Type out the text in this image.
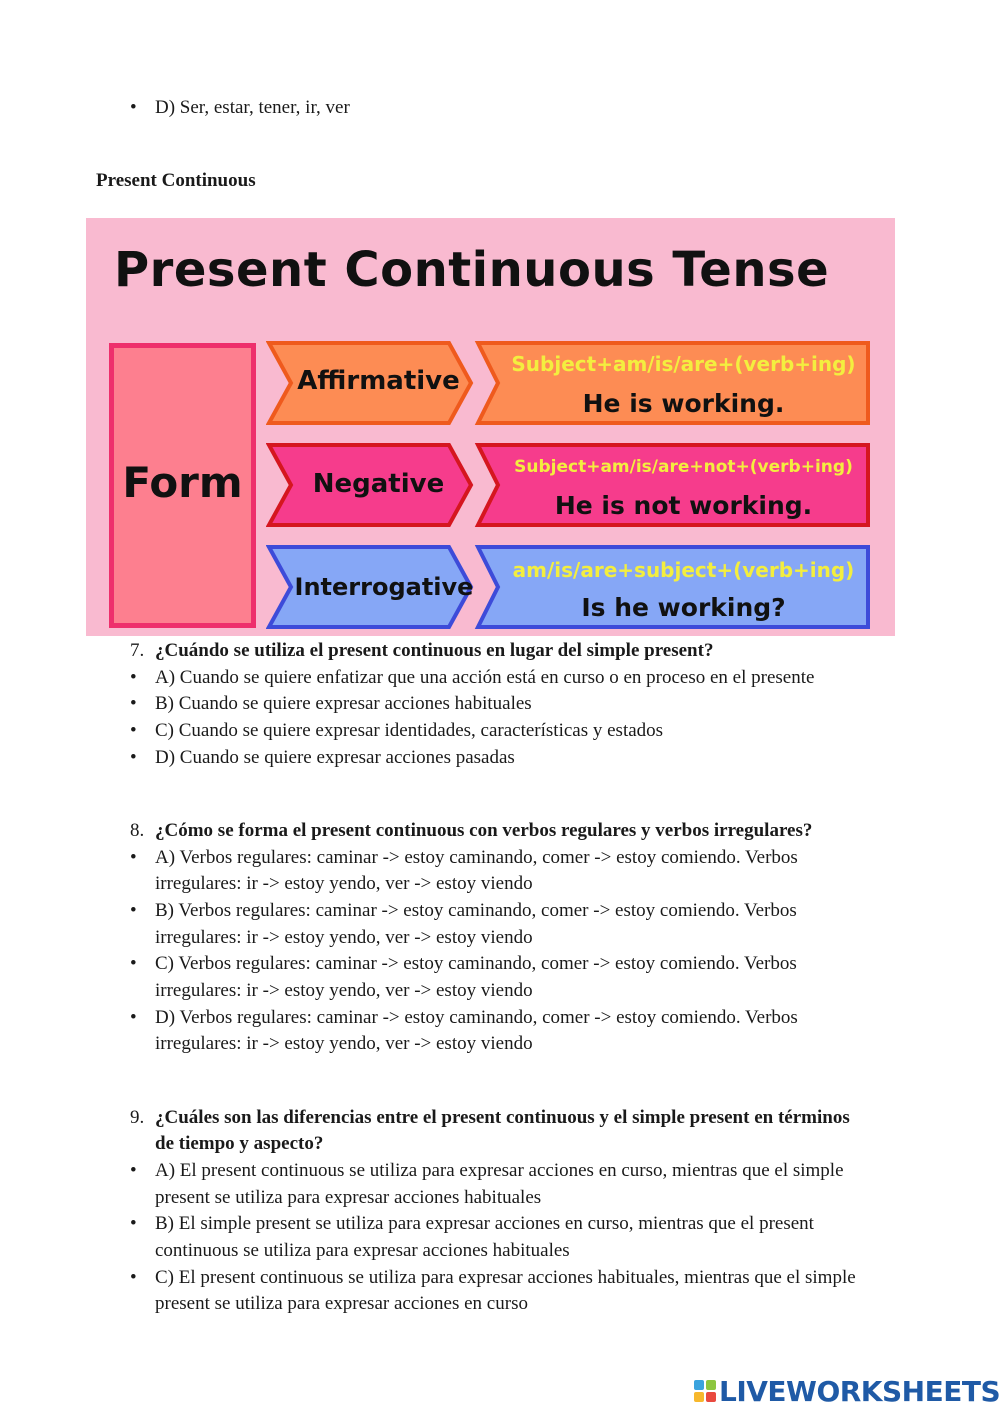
• D) Ser, estar, tener, ir, ver
Present Continuous
Present Continuous Tense
Form
Affirmative
Subject+am/is/are+(verb+ing)
He is working.
Negative
Subject+am/is/are+not+(verb+ing)
He is not working.
Interrogative
am/is/are+subject+(verb+ing)
Is he working?
7. ¿Cuándo se utiliza el present continuous en lugar del simple present?
• A) Cuando se quiere enfatizar que una acción está en curso o en proceso en el presente
• B) Cuando se quiere expresar acciones habituales
• C) Cuando se quiere expresar identidades, características y estados
• D) Cuando se quiere expresar acciones pasadas
8. ¿Cómo se forma el present continuous con verbos regulares y verbos irregulares?
• A) Verbos regulares: caminar -> estoy caminando, comer -> estoy comiendo. Verbos
irregulares: ir -> estoy yendo, ver -> estoy viendo
• B) Verbos regulares: caminar -> estoy caminando, comer -> estoy comiendo. Verbos
irregulares: ir -> estoy yendo, ver -> estoy viendo
• C) Verbos regulares: caminar -> estoy caminando, comer -> estoy comiendo. Verbos
irregulares: ir -> estoy yendo, ver -> estoy viendo
• D) Verbos regulares: caminar -> estoy caminando, comer -> estoy comiendo. Verbos
irregulares: ir -> estoy yendo, ver -> estoy viendo
9. ¿Cuáles son las diferencias entre el present continuous y el simple present en términos
de tiempo y aspecto?
• A) El present continuous se utiliza para expresar acciones en curso, mientras que el simple
present se utiliza para expresar acciones habituales
• B) El simple present se utiliza para expresar acciones en curso, mientras que el present
continuous se utiliza para expresar acciones habituales
• C) El present continuous se utiliza para expresar acciones habituales, mientras que el simple
present se utiliza para expresar acciones en curso
LIVEWORKSHEETS
